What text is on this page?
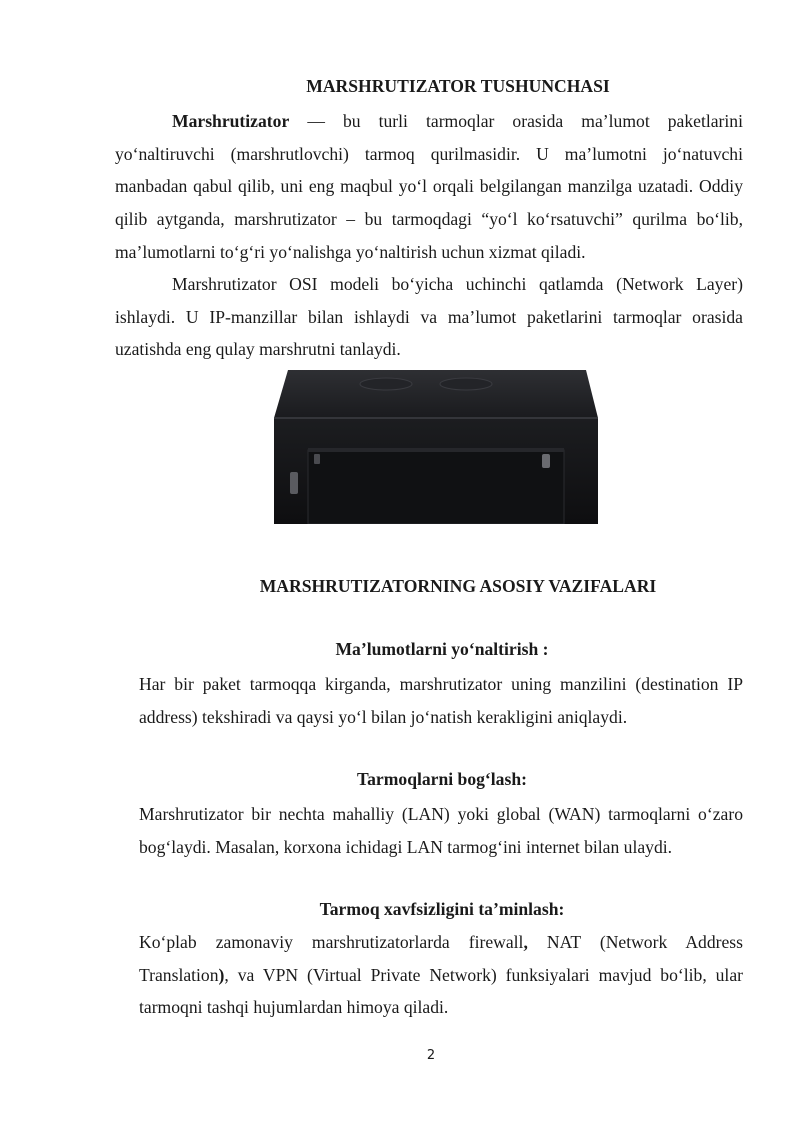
MARSHRUTIZATOR TUSHUNCHASI

Marshrutizator — bu turli tarmoqlar orasida ma’lumot paketlarini yo‘naltiruvchi (marshrutlovchi) tarmoq qurilmasidir. U ma’lumotni jo‘natuvchi manbadan qabul qilib, uni eng maqbul yo‘l orqali belgilangan manzilga uzatadi. Oddiy qilib aytganda, marshrutizator – bu tarmoqdagi “yo‘l ko‘rsatuvchi” qurilma bo‘lib, ma’lumotlarni to‘g‘ri yo‘nalishga yo‘naltirish uchun xizmat qiladi.

Marshrutizator OSI modeli bo‘yicha uchinchi qatlamda (Network Layer) ishlaydi. U IP-manzillar bilan ishlaydi va ma’lumot paketlarini tarmoqlar orasida uzatishda eng qulay marshrutni tanlaydi.

MARSHRUTIZATORNING ASOSIY VAZIFALARI
Ma’lumotlarni yo‘naltirish :

Har bir paket tarmoqqa kirganda, marshrutizator uning manzilini (destination IP address) tekshiradi va qaysi yo‘l bilan jo‘natish kerakligini aniqlaydi.

Tarmoqlarni bog‘lash:

Marshrutizator bir nechta mahalliy (LAN) yoki global (WAN) tarmoqlarni o‘zaro bog‘laydi. Masalan, korxona ichidagi LAN tarmog‘ini internet bilan ulaydi.

Tarmoq xavfsizligini ta’minlash:

Ko‘plab zamonaviy marshrutizatorlarda firewall, NAT (Network Address Translation), va VPN (Virtual Private Network) funksiyalari mavjud bo‘lib, ular tarmoqni tashqi hujumlardan himoya qiladi.

2
